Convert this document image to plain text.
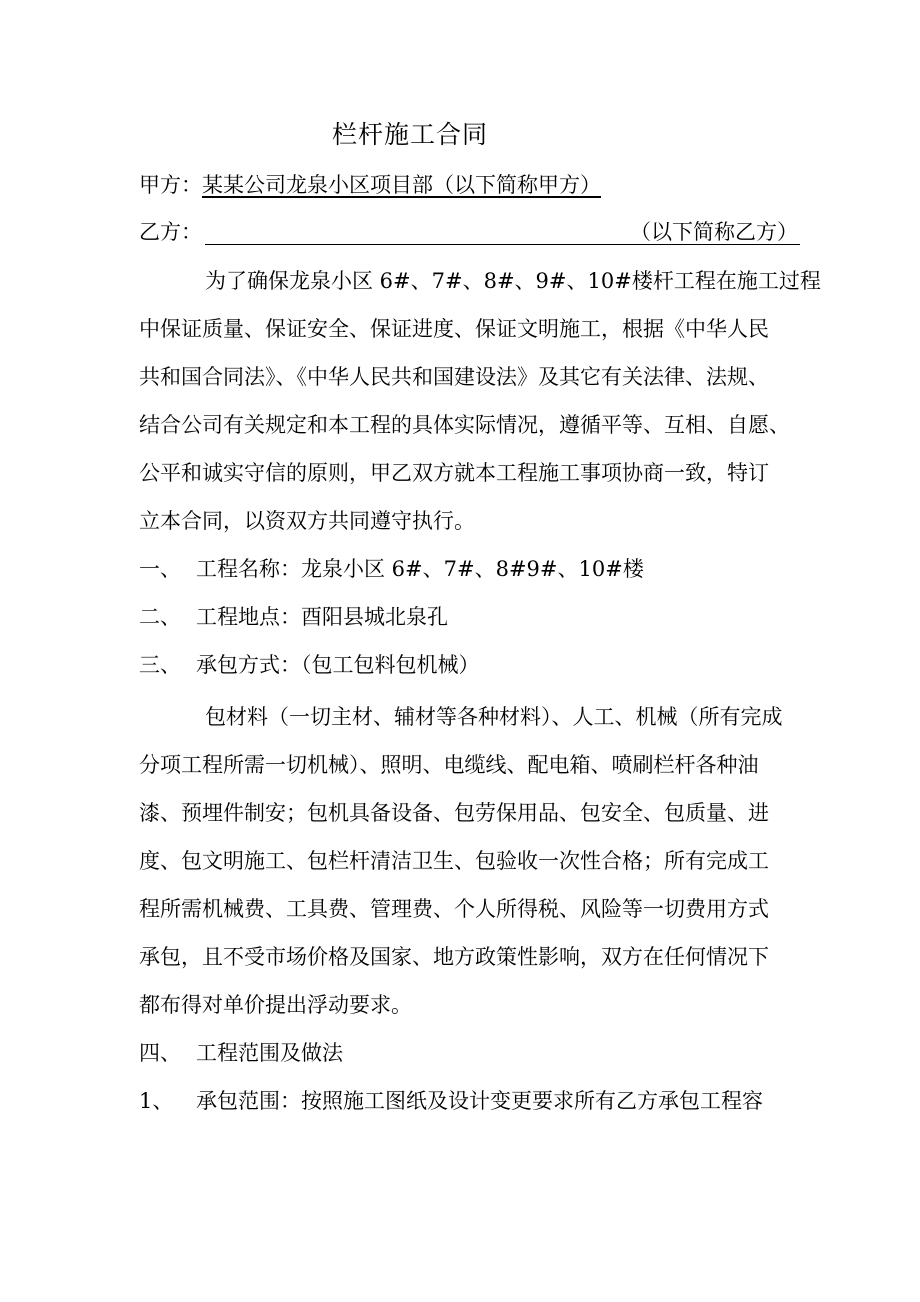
栏杆施工合同
甲方：某某公司龙泉小区项目部（以下简称甲方）
乙方：	（以下简称乙方）
为了确保龙泉小区 6#、7#、8#、9#、10#楼杆工程在施工过程
中保证质量、保证安全、保证进度、保证文明施工，根据《中华人民
共和国合同法》、《中华人民共和国建设法》及其它有关法律、法规、
结合公司有关规定和本工程的具体实际情况，遵循平等、互相、自愿、
公平和诚实守信的原则，甲乙双方就本工程施工事项协商一致，特订
立本合同，以资双方共同遵守执行。
一、 工程名称：龙泉小区 6#、7#、8#9#、10#楼
二、 工程地点：酉阳县城北泉孔
三、 承包方式：（包工包料包机械）
包材料（一切主材、辅材等各种材料）、人工、机械（所有完成
分项工程所需一切机械）、照明、电缆线、配电箱、喷刷栏杆各种油
漆、预埋件制安；包机具备设备、包劳保用品、包安全、包质量、进
度、包文明施工、包栏杆清洁卫生、包验收一次性合格；所有完成工
程所需机械费、工具费、管理费、个人所得税、风险等一切费用方式
承包，且不受市场价格及国家、地方政策性影响，双方在任何情况下
都布得对单价提出浮动要求。
四、 工程范围及做法
1、 承包范围：按照施工图纸及设计变更要求所有乙方承包工程容
